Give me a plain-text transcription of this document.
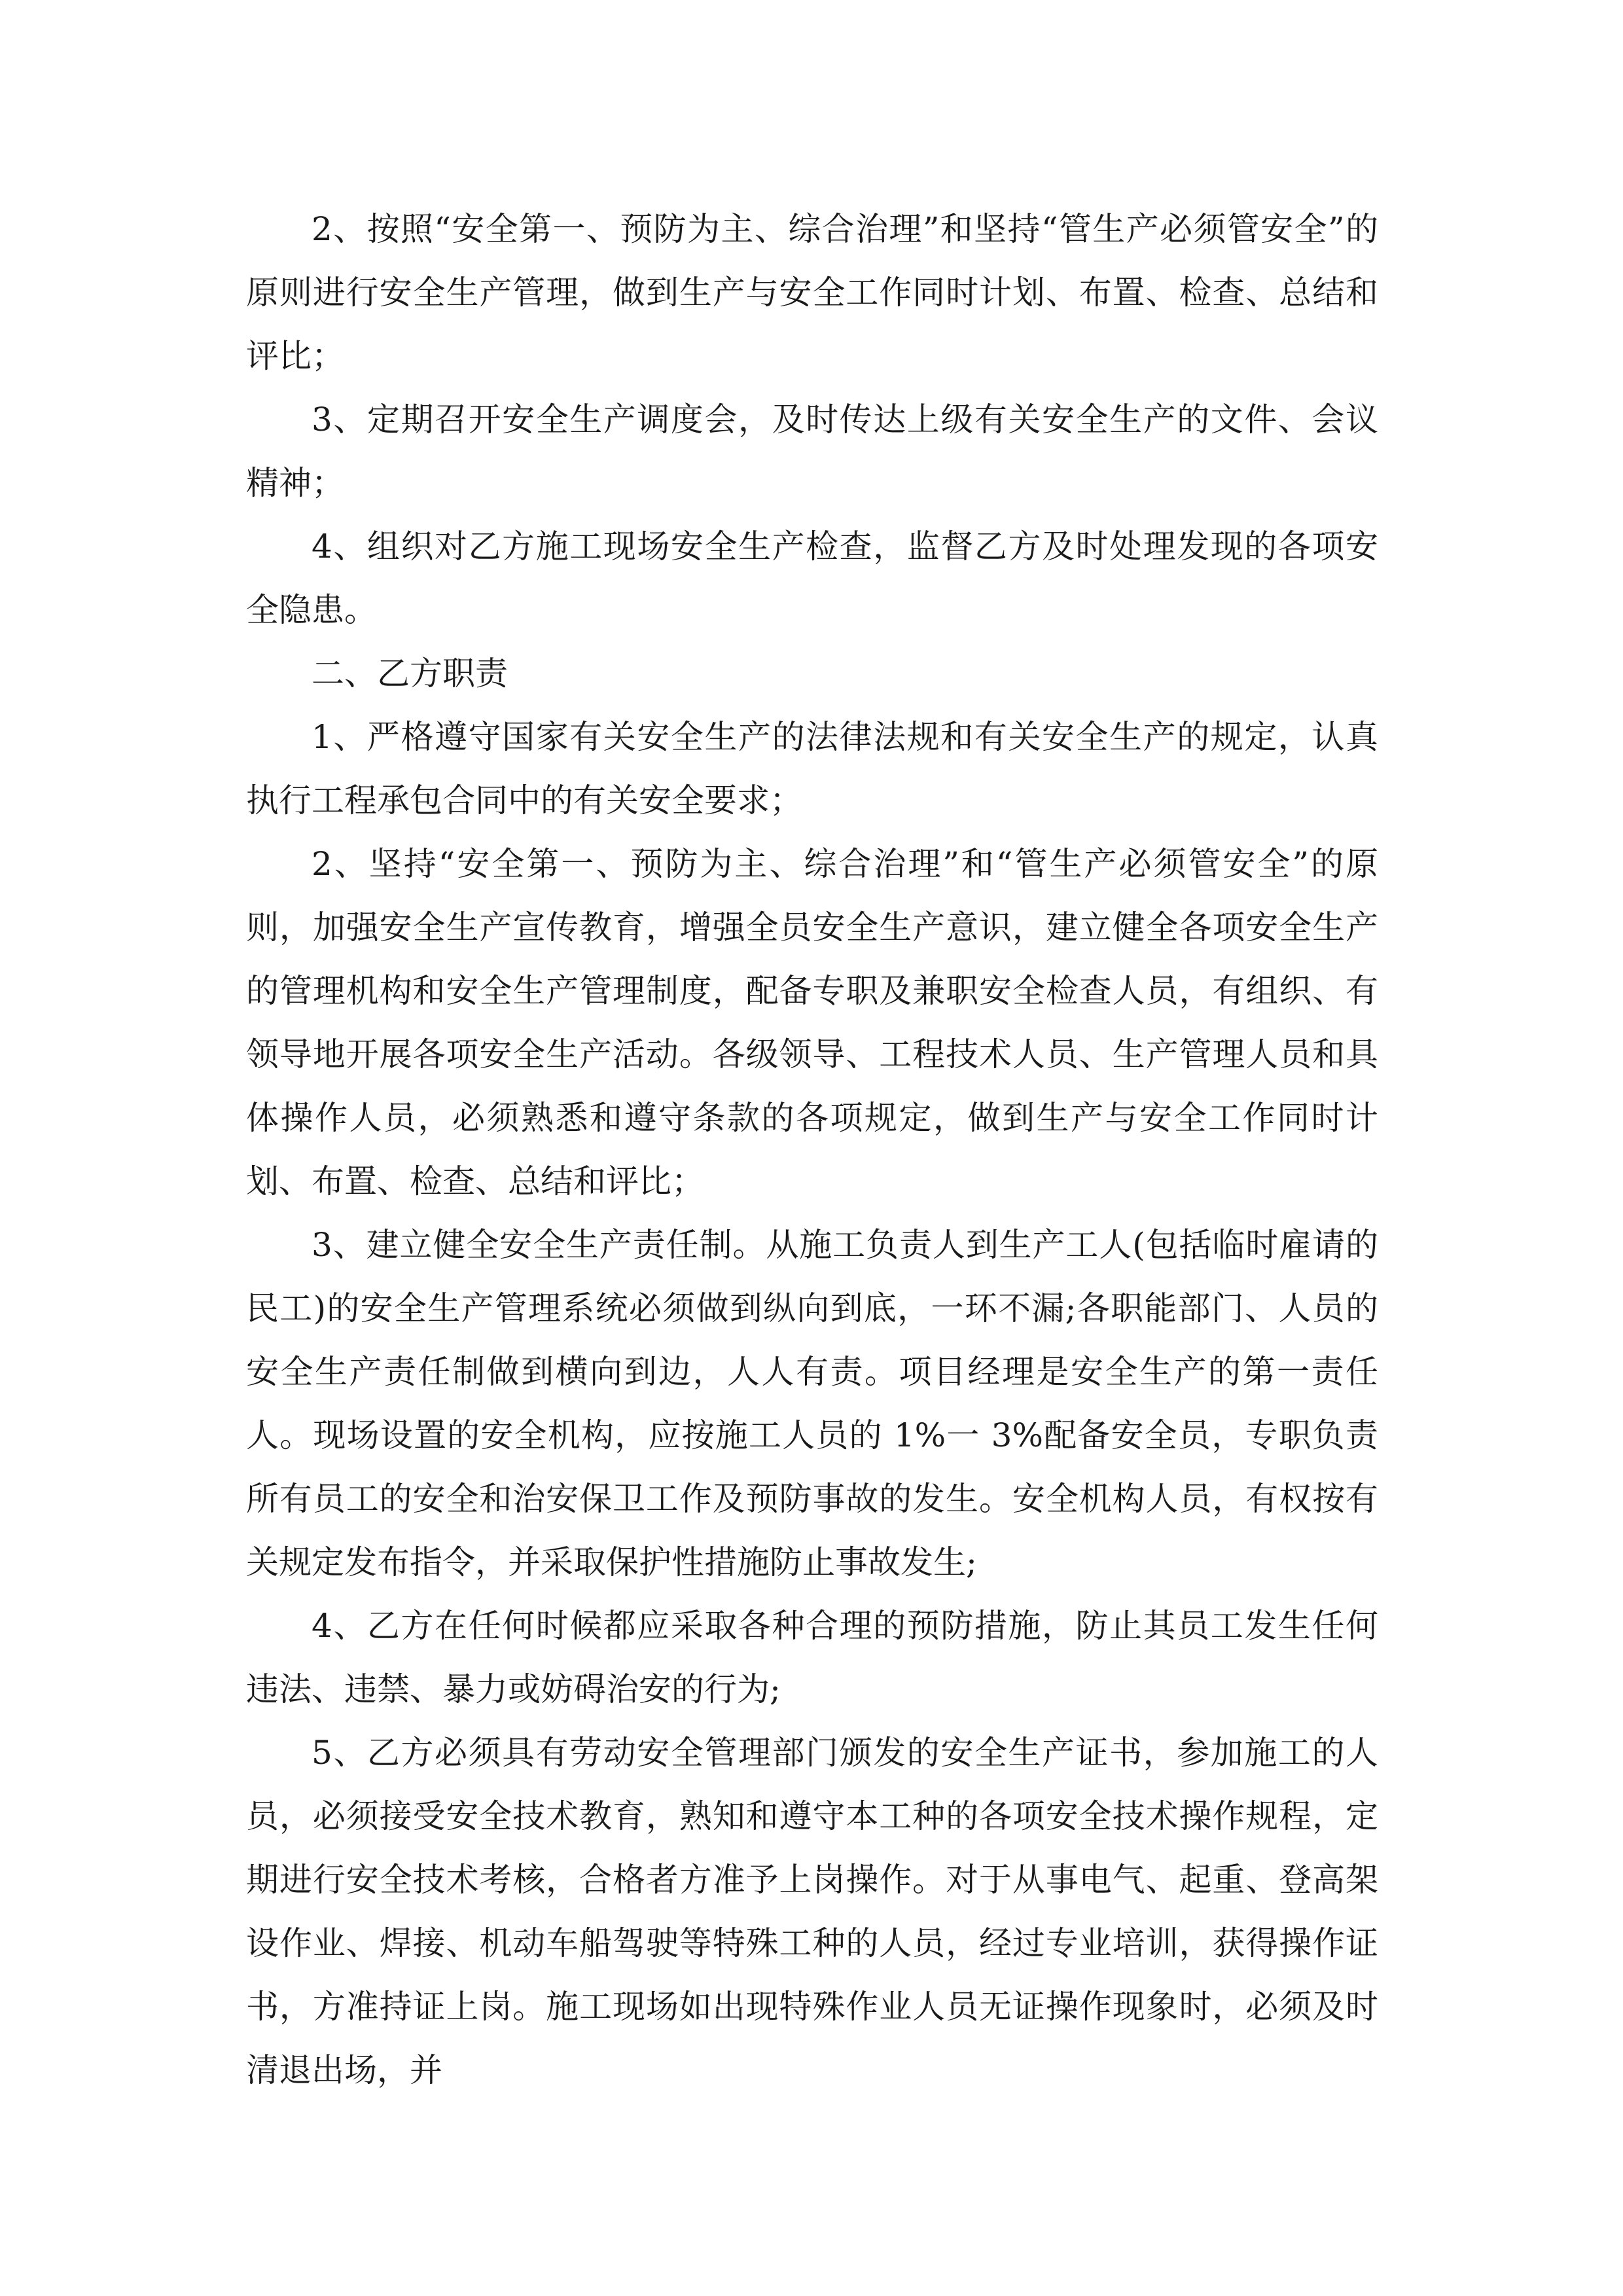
2、按照“安全第一、预防为主、综合治理”和坚持“管生产必须管安全”的原则进行安全生产管理，做到生产与安全工作同时计划、布置、检查、总结和评比；

3、定期召开安全生产调度会，及时传达上级有关安全生产的文件、会议精神；

4、组织对乙方施工现场安全生产检查，监督乙方及时处理发现的各项安全隐患。

二、乙方职责

1、严格遵守国家有关安全生产的法律法规和有关安全生产的规定，认真执行工程承包合同中的有关安全要求；

2、坚持“安全第一、预防为主、综合治理”和“管生产必须管安全”的原则，加强安全生产宣传教育，增强全员安全生产意识，建立健全各项安全生产的管理机构和安全生产管理制度，配备专职及兼职安全检查人员，有组织、有领导地开展各项安全生产活动。各级领导、工程技术人员、生产管理人员和具体操作人员，必须熟悉和遵守条款的各项规定，做到生产与安全工作同时计划、布置、检查、总结和评比；

3、建立健全安全生产责任制。从施工负责人到生产工人(包括临时雇请的民工)的安全生产管理系统必须做到纵向到底，一环不漏;各职能部门、人员的安全生产责任制做到横向到边，人人有责。项目经理是安全生产的第一责任人。现场设置的安全机构，应按施工人员的 1%一 3%配备安全员，专职负责所有员工的安全和治安保卫工作及预防事故的发生。安全机构人员，有权按有关规定发布指令，并采取保护性措施防止事故发生;

4、乙方在任何时候都应采取各种合理的预防措施，防止其员工发生任何违法、违禁、暴力或妨碍治安的行为;

5、乙方必须具有劳动安全管理部门颁发的安全生产证书，参加施工的人员，必须接受安全技术教育，熟知和遵守本工种的各项安全技术操作规程，定期进行安全技术考核，合格者方准予上岗操作。对于从事电气、起重、登高架设作业、焊接、机动车船驾驶等特殊工种的人员，经过专业培训，获得操作证书，方准持证上岗。施工现场如出现特殊作业人员无证操作现象时，必须及时清退出场，并
